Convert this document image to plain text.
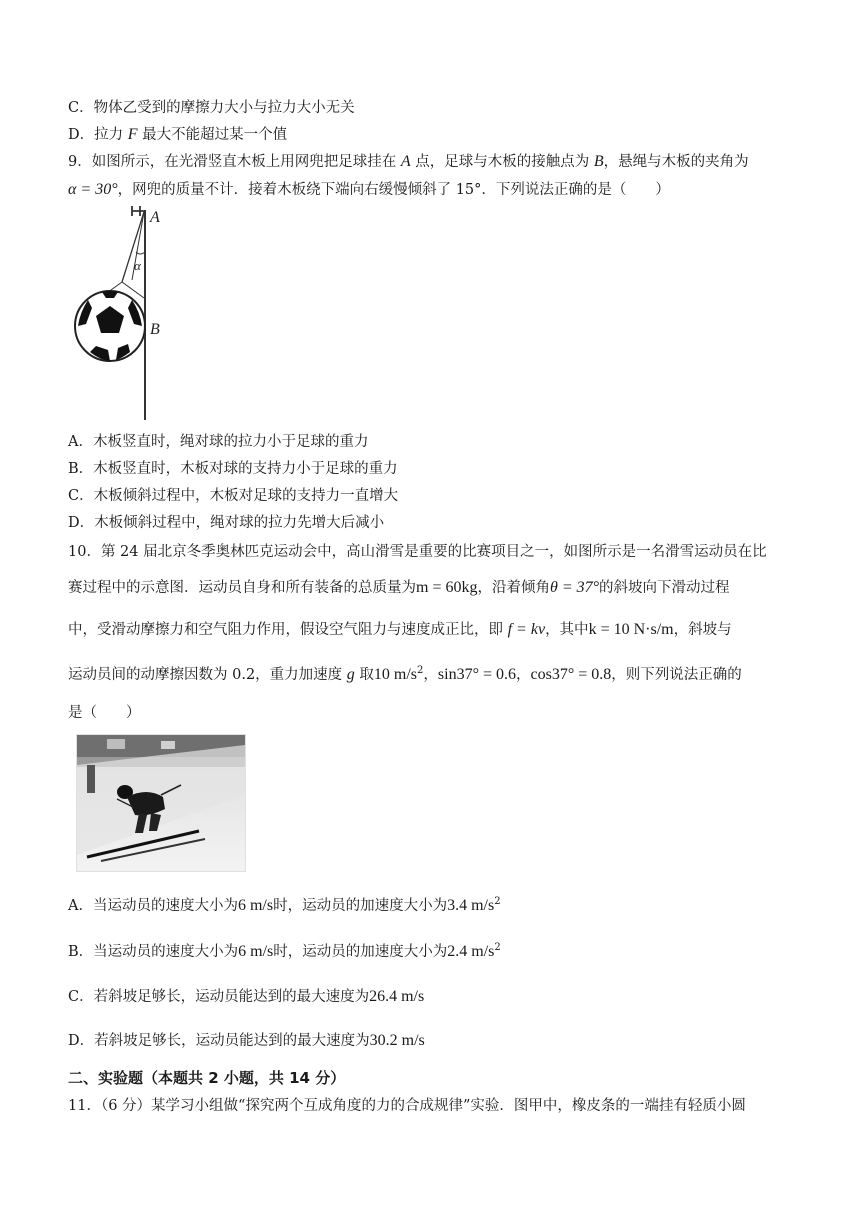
C．物体乙受到的摩擦力大小与拉力大小无关
D．拉力 F 最大不能超过某一个值
9．如图所示，在光滑竖直木板上用网兜把足球挂在 A 点，足球与木板的接触点为 B，悬绳与木板的夹角为
α = 30°，网兜的质量不计．接着木板绕下端向右缓慢倾斜了 15°．下列说法正确的是（　　）
A
B
α
A．木板竖直时，绳对球的拉力小于足球的重力
B．木板竖直时，木板对球的支持力小于足球的重力
C．木板倾斜过程中，木板对足球的支持力一直增大
D．木板倾斜过程中，绳对球的拉力先增大后减小
10．第 24 届北京冬季奥林匹克运动会中，高山滑雪是重要的比赛项目之一，如图所示是一名滑雪运动员在比
赛过程中的示意图．运动员自身和所有装备的总质量为m = 60kg，沿着倾角θ = 37°的斜坡向下滑动过程
中，受滑动摩擦力和空气阻力作用，假设空气阻力与速度成正比，即 f = kv，其中k = 10 N·s/m，斜坡与
运动员间的动摩擦因数为 0.2，重力加速度 g 取10 $m/s^2$，sin37° = 0.6，cos37° = 0.8，则下列说法正确的
是（　　）
A．当运动员的速度大小为6 m/s时，运动员的加速度大小为3.4 $m/s^2$
B．当运动员的速度大小为6 m/s时，运动员的加速度大小为2.4 $m/s^2$
C．若斜坡足够长，运动员能达到的最大速度为26.4 m/s
D．若斜坡足够长，运动员能达到的最大速度为30.2 m/s
二、实验题（本题共 2 小题，共 14 分）
11．（6 分）某学习小组做“探究两个互成角度的力的合成规律”实验．图甲中，橡皮条的一端挂有轻质小圆
